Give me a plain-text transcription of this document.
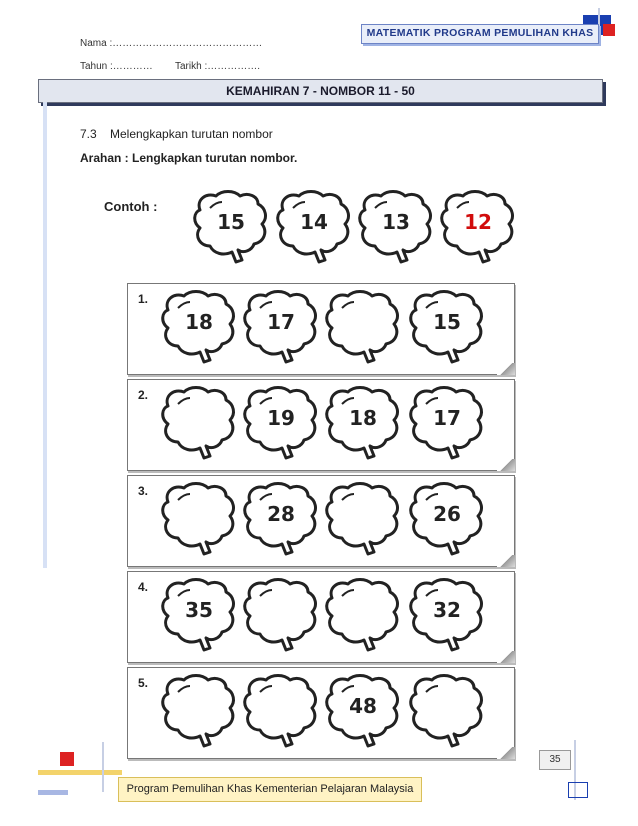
Nama :………………………………………
MATEMATIK PROGRAM PEMULIHAN KHAS
Tahun :………… Tarikh :…………….
KEMAHIRAN 7 - NOMBOR 11 - 50
7.3 Melengkapkan turutan nombor
Arahan : Lengkapkan turutan nombor.
Contoh :
15	14	13	12
1.
18	17	15
2.
19	18	17
3.
28	26
4.
35	32
5.
48
35
Program Pemulihan Khas Kementerian Pelajaran Malaysia
